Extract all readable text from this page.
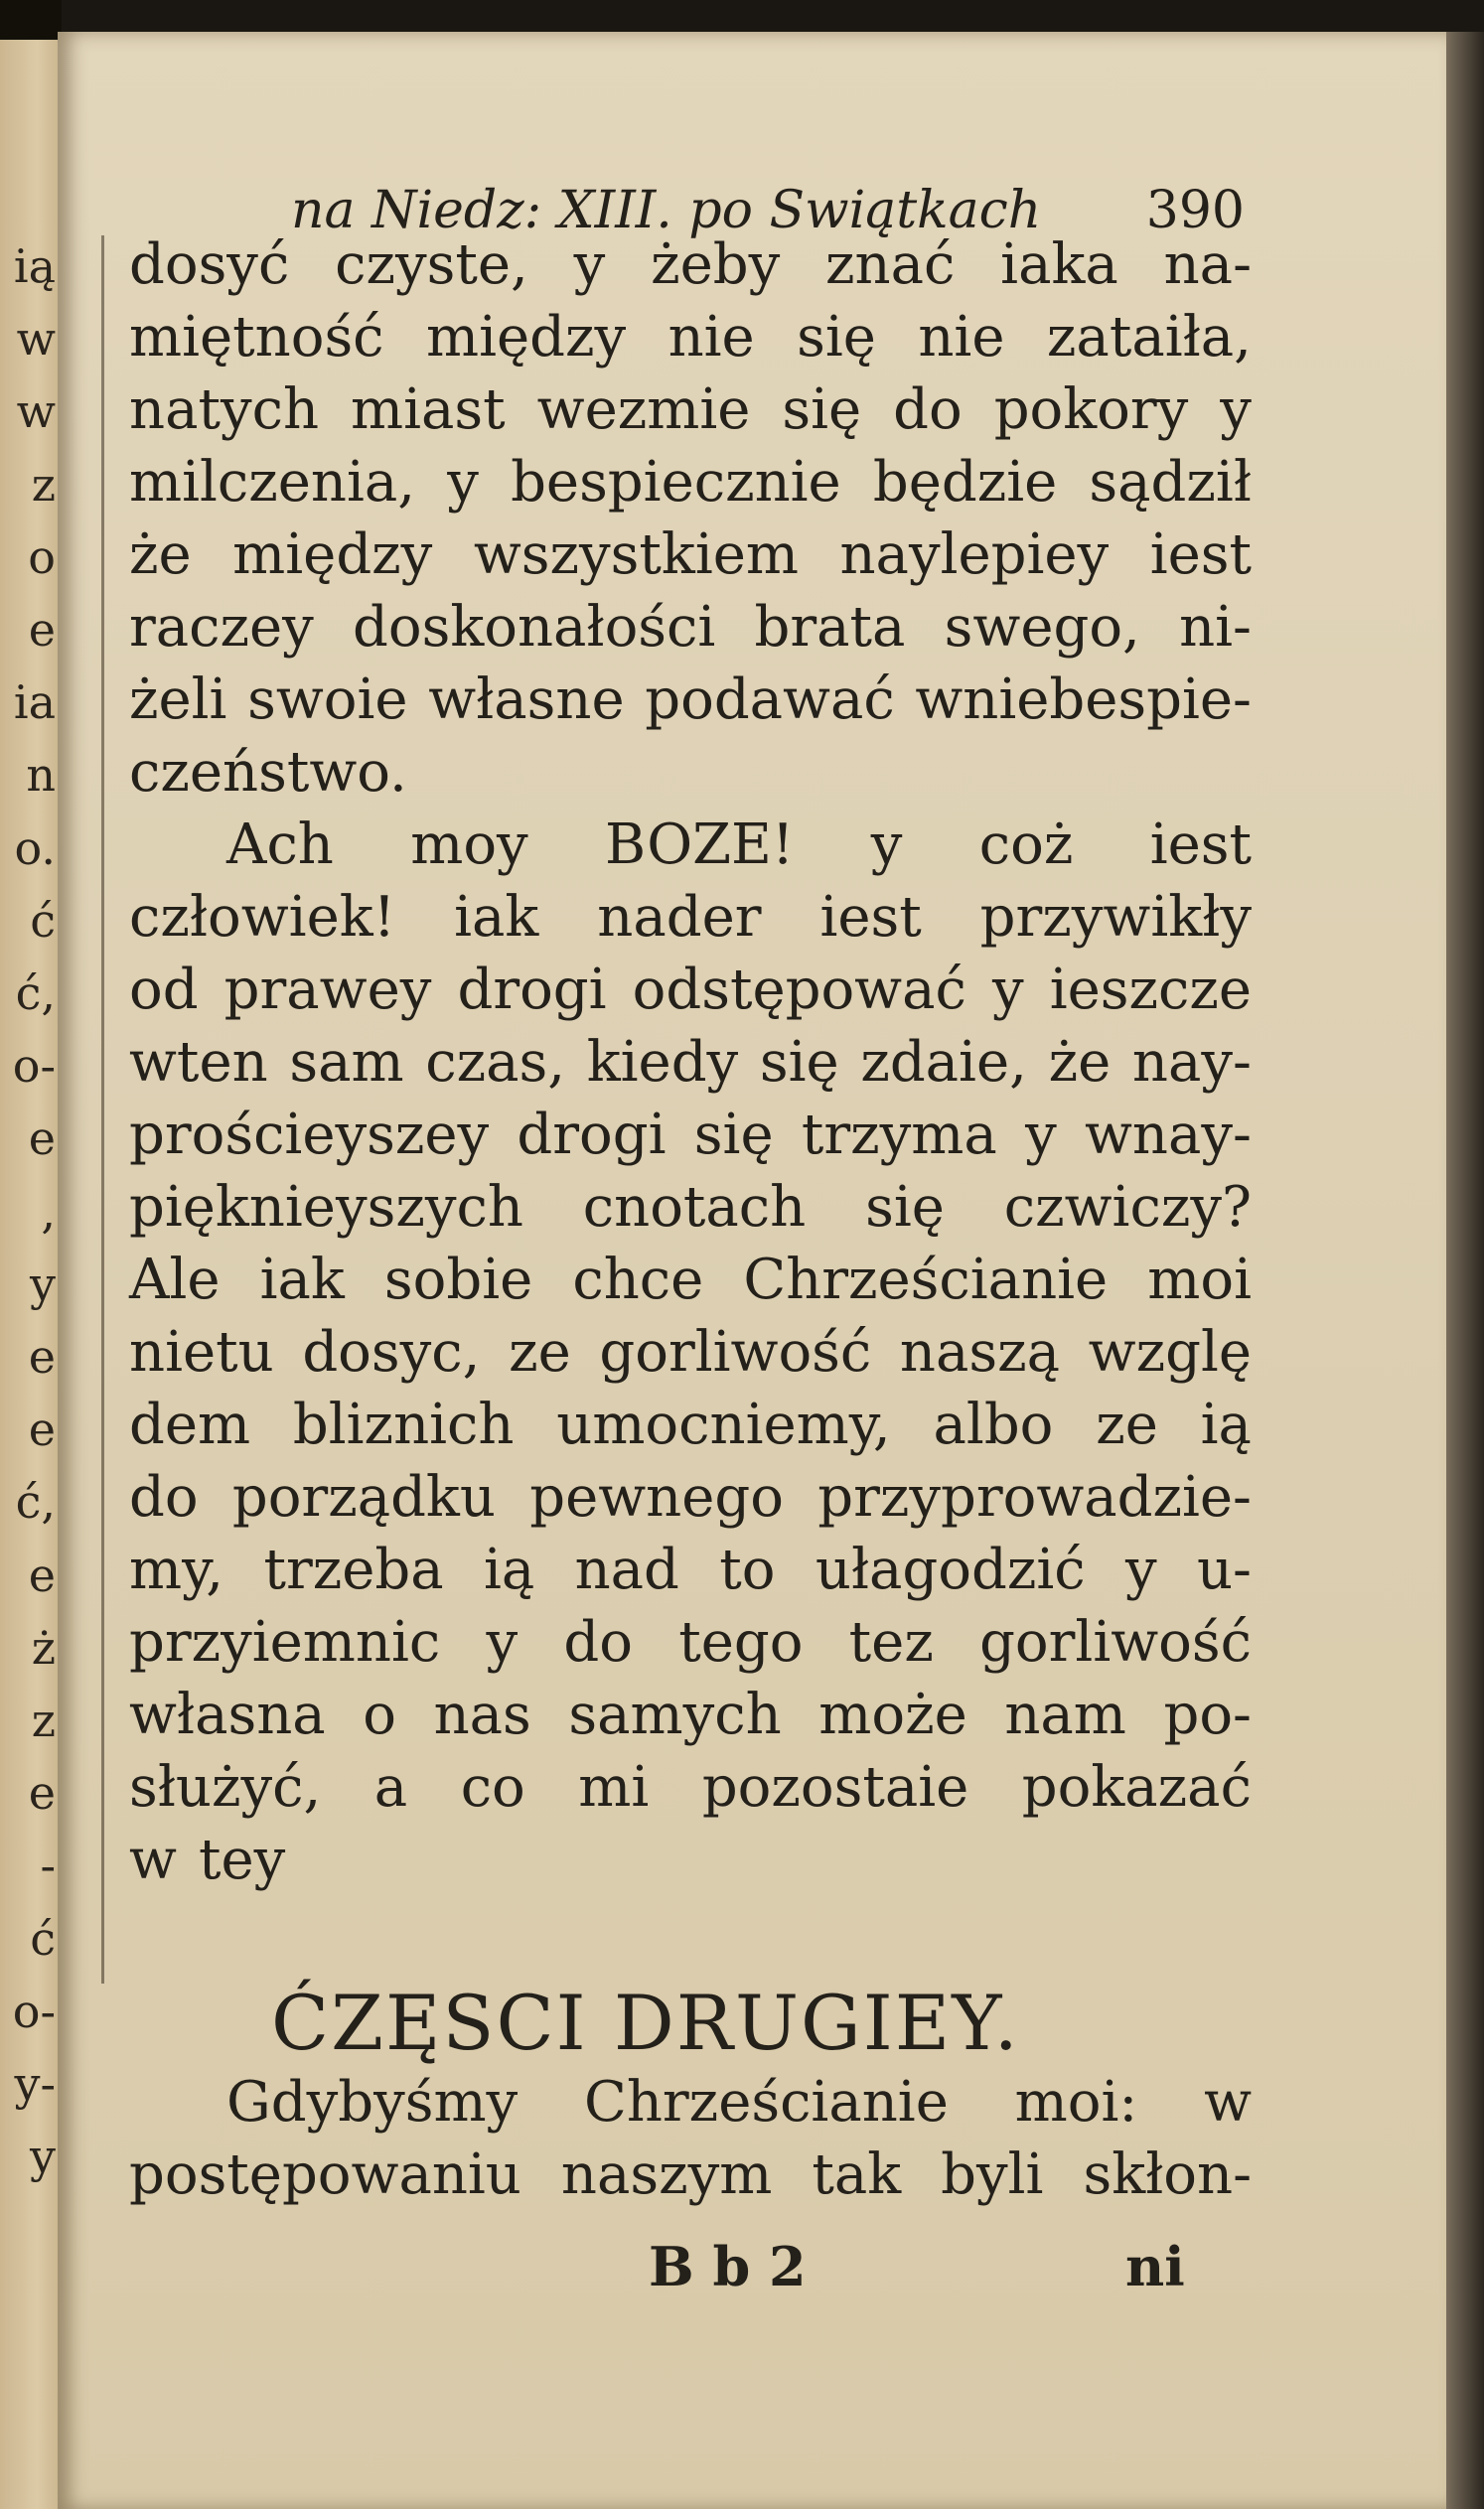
ią
w
w
z
o
e
ia
n
o.
ć
ć,
o-
e
,
y
e
e
ć,
e
ż
z
e
-
ć
o-
y-
y
na Niedz: XIII. po Swiątkach 390
dosyć czyste, y żeby znać iaka na-
miętność między nie się nie zataiła,
natych miast wezmie się do pokory y
milczenia, y bespiecznie będzie sądził
że między wszystkiem naylepiey iest
raczey doskonałości brata swego, ni-
żeli swoie własne podawać wniebespie-
czeństwo.
Ach moy BOZE! y coż iest
człowiek! iak nader iest przywikły
od prawey drogi odstępować y ieszcze
wten sam czas, kiedy się zdaie, że nay-
prościeyszey drogi się trzyma y wnay-
pięknieyszych cnotach się czwiczy?
Ale iak sobie chce Chrześcianie moi
nietu dosyc, ze gorliwość naszą wzglę
dem bliznich umocniemy, albo ze ią
do porządku pewnego przyprowadzie-
my, trzeba ią nad to ułagodzić y u-
przyiemnic y do tego tez gorliwość
własna o nas samych może nam po-
służyć, a co mi pozostaie pokazać
w tey
Gdybyśmy Chrześcianie moi: w
postępowaniu naszym tak byli skłon-
ĆZĘSCI DRUGIEY.
B b 2	ni
